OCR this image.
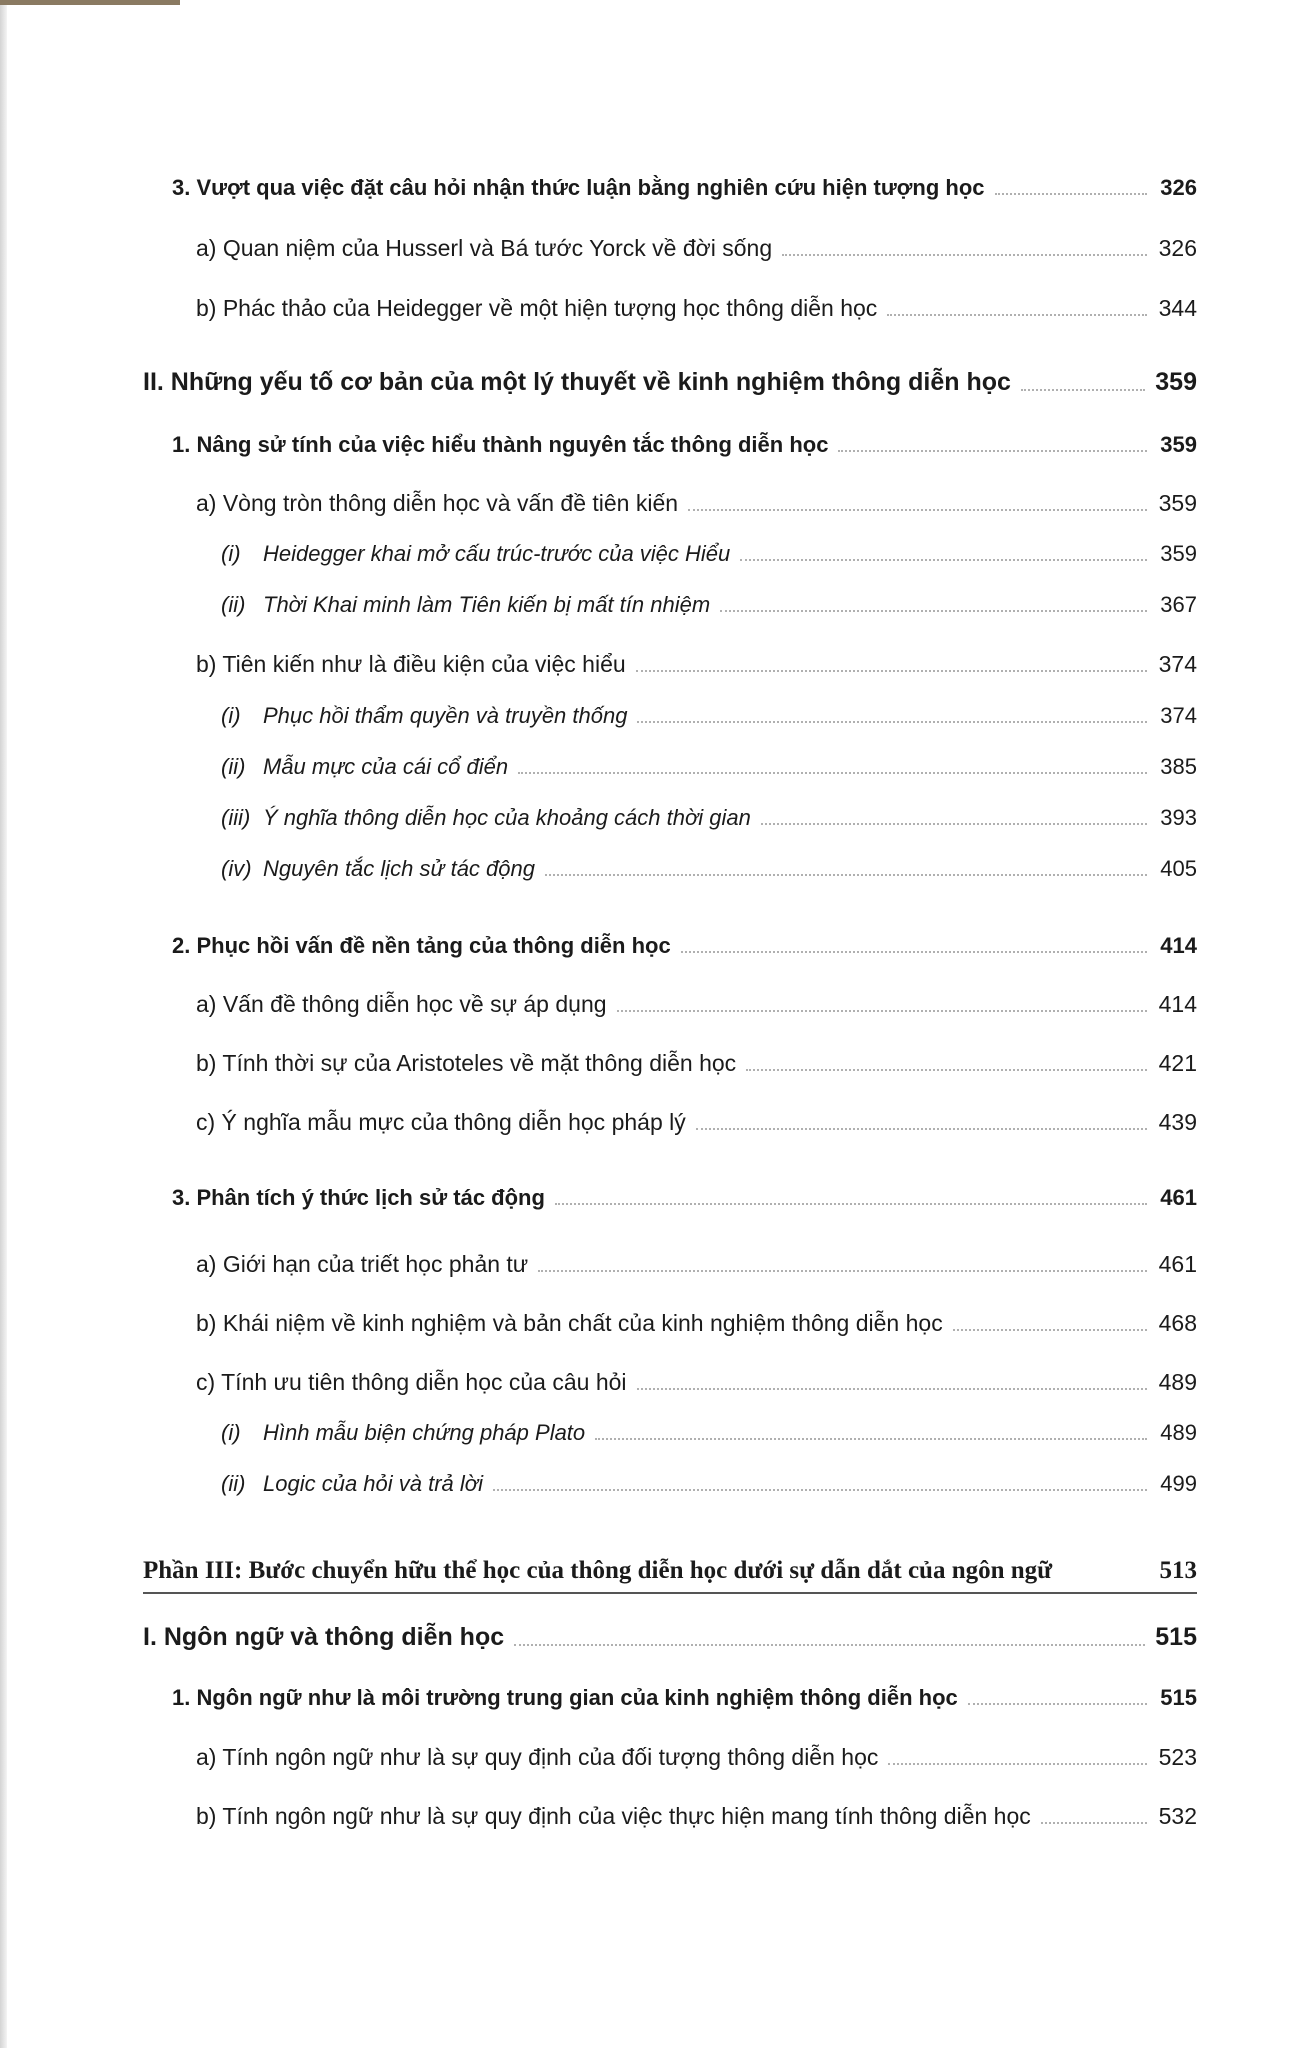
3. Vượt qua việc đặt câu hỏi nhận thức luận bằng nghiên cứu hiện tượng học	326
a) Quan niệm của Husserl và Bá tước Yorck về đời sống	326
b) Phác thảo của Heidegger về một hiện tượng học thông diễn học	344
II. Những yếu tố cơ bản của một lý thuyết về kinh nghiệm thông diễn học	359
1. Nâng sử tính của việc hiểu thành nguyên tắc thông diễn học	359
a) Vòng tròn thông diễn học và vấn đề tiên kiến	359
(i) Heidegger khai mở cấu trúc-trước của việc Hiểu	359
(ii) Thời Khai minh làm Tiên kiến bị mất tín nhiệm	367
b) Tiên kiến như là điều kiện của việc hiểu	374
(i) Phục hồi thẩm quyền và truyền thống	374
(ii) Mẫu mực của cái cổ điển	385
(iii) Ý nghĩa thông diễn học của khoảng cách thời gian	393
(iv) Nguyên tắc lịch sử tác động	405
2. Phục hồi vấn đề nền tảng của thông diễn học	414
a) Vấn đề thông diễn học về sự áp dụng	414
b) Tính thời sự của Aristoteles về mặt thông diễn học	421
c) Ý nghĩa mẫu mực của thông diễn học pháp lý	439
3. Phân tích ý thức lịch sử tác động	461
a) Giới hạn của triết học phản tư	461
b) Khái niệm về kinh nghiệm và bản chất của kinh nghiệm thông diễn học	468
c) Tính ưu tiên thông diễn học của câu hỏi	489
(i) Hình mẫu biện chứng pháp Plato	489
(ii) Logic của hỏi và trả lời	499
Phần III: Bước chuyển hữu thể học của thông diễn học dưới sự dẫn dắt của ngôn ngữ	513
I. Ngôn ngữ và thông diễn học	515
1. Ngôn ngữ như là môi trường trung gian của kinh nghiệm thông diễn học	515
a) Tính ngôn ngữ như là sự quy định của đối tượng thông diễn học	523
b) Tính ngôn ngữ như là sự quy định của việc thực hiện mang tính thông diễn học	532
